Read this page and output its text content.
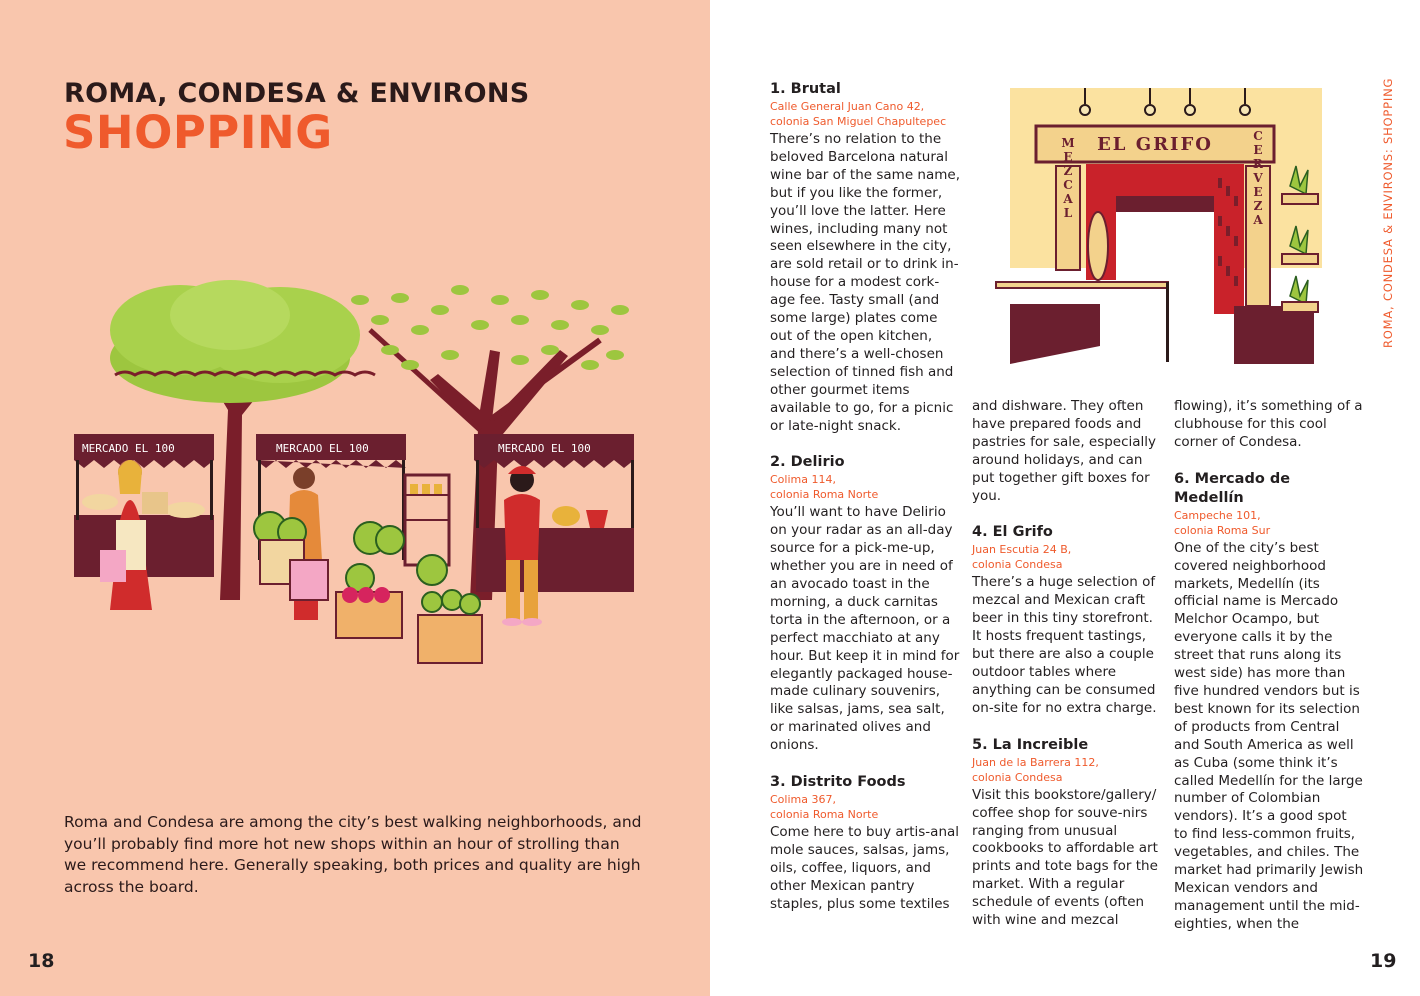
ROMA, CONDESA & ENVIRONS
SHOPPING
MERCADO EL 100	MERCADO EL 100	MERCADO EL 100

Roma and Condesa are among the city’s best walking neighborhoods, and you’ll probably find more hot new shops within an hour of strolling than we recommend here. Generally speaking, both prices and quality are high across the board.

18
ROMA, CONDESA & ENVIRONS: SHOPPING
EL GRIFO
MEZCAL	CERVEZA
1. Brutal
Calle General Juan Cano 42,
colonia San Miguel Chapultepec

There’s no relation to the beloved Barcelona natural wine bar of the same name, but if you like the former, you’ll love the latter. Here wines, including many not seen elsewhere in the city, are sold retail or to drink in-house for a modest cork-age fee. Tasty small (and some large) plates come out of the open kitchen, and there’s a well-chosen selection of tinned fish and other gourmet items available to go, for a picnic or late-night snack.

2. Delirio
Colima 114,
colonia Roma Norte

You’ll want to have Delirio on your radar as an all-day source for a pick-me-up, whether you are in need of an avocado toast in the morning, a duck carnitas torta in the afternoon, or a perfect macchiato at any hour. But keep it in mind for elegantly packaged house-made culinary souvenirs, like salsas, jams, sea salt, or marinated olives and onions.

3. Distrito Foods
Colima 367,
colonia Roma Norte

Come here to buy artis-anal mole sauces, salsas, jams, oils, coffee, liquors, and other Mexican pantry staples, plus some textiles

and dishware. They often have prepared foods and pastries for sale, especially around holidays, and can put together gift boxes for you.

4. El Grifo
Juan Escutia 24 B,
colonia Condesa

There’s a huge selection of mezcal and Mexican craft beer in this tiny storefront. It hosts frequent tastings, but there are also a couple outdoor tables where anything can be consumed on-site for no extra charge.

5. La Increible
Juan de la Barrera 112,
colonia Condesa

Visit this bookstore/gallery/ coffee shop for souve-nirs ranging from unusual cookbooks to affordable art prints and tote bags for the market. With a regular schedule of events (often with wine and mezcal

flowing), it’s something of a clubhouse for this cool corner of Condesa.

6. Mercado de Medellín
Campeche 101,
colonia Roma Sur

One of the city’s best covered neighborhood markets, Medellín (its official name is Mercado Melchor Ocampo, but everyone calls it by the street that runs along its west side) has more than five hundred vendors but is best known for its selection of products from Central and South America as well as Cuba (some think it’s called Medellín for the large number of Colombian vendors). It’s a good spot to find less-common fruits, vegetables, and chiles. The market had primarily Jewish Mexican vendors and management until the mid-eighties, when the

19
